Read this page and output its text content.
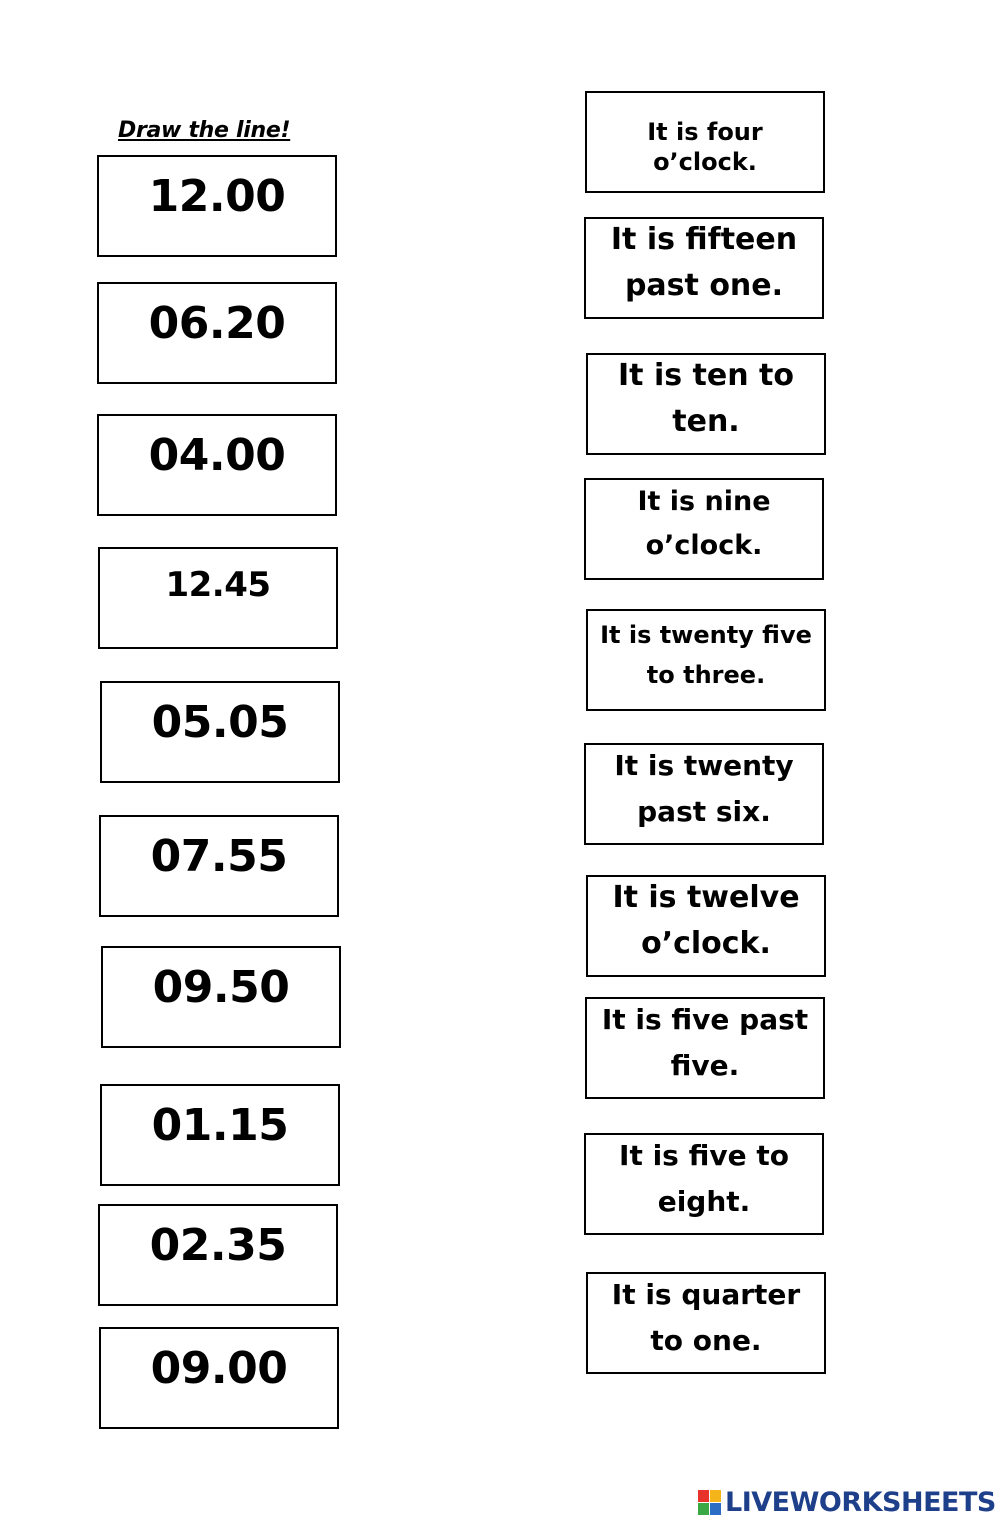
Draw the line!
12.00
06.20
04.00
12.45
05.05
07.55
09.50
01.15
02.35
09.00
It is four o’clock.
It is fifteen past one.
It is ten to ten.
It is nine o’clock.
It is twenty five to three.
It is twenty past six.
It is twelve o’clock.
It is five past five.
It is five to eight.
It is quarter to one.
LIVEWORKSHEETS
